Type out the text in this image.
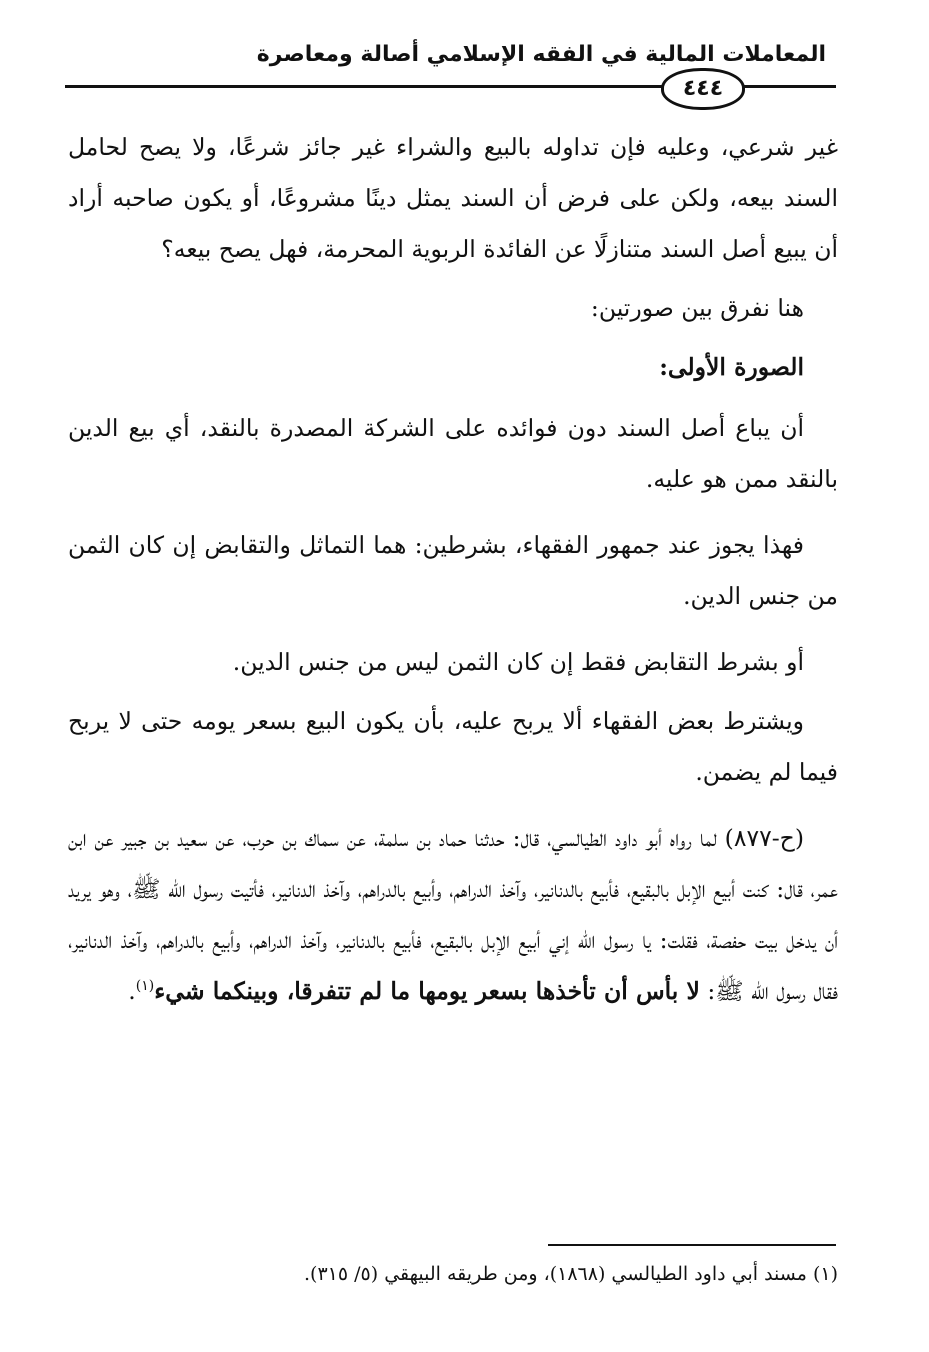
المعاملات المالية في الفقه الإسلامي أصالة ومعاصرة
٤٤٤

غير شرعي، وعليه فإن تداوله بالبيع والشراء غير جائز شرعًا، ولا يصح لحامل السند بيعه، ولكن على فرض أن السند يمثل دينًا مشروعًا، أو يكون صاحبه أراد أن يبيع أصل السند متنازلًا عن الفائدة الربوية المحرمة، فهل يصح بيعه؟

هنا نفرق بين صورتين:

الصورة الأولى:

أن يباع أصل السند دون فوائده على الشركة المصدرة بالنقد، أي بيع الدين بالنقد ممن هو عليه.

فهذا يجوز عند جمهور الفقهاء، بشرطين: هما التماثل والتقابض إن كان الثمن من جنس الدين.

أو بشرط التقابض فقط إن كان الثمن ليس من جنس الدين.

ويشترط بعض الفقهاء ألا يربح عليه، بأن يكون البيع بسعر يومه حتى لا يربح فيما لم يضمن.

(ح-٨٧٧) لما رواه أبو داود الطيالسي، قال: حدثنا حماد بن سلمة، عن سماك بن حرب، عن سعيد بن جبير عن ابن عمر، قال: كنت أبيع الإبل بالبقيع، فأبيع بالدنانير، وآخذ الدراهم، وأبيع بالدراهم، وآخذ الدنانير، فأتيت رسول الله ﷺ، وهو يريد أن يدخل بيت حفصة، فقلت: يا رسول الله إني أبيع الإبل بالبقيع، فأبيع بالدنانير، وآخذ الدراهم، وأبيع بالدراهم، وآخذ الدنانير، فقال رسول الله ﷺ: لا بأس أن تأخذها بسعر يومها ما لم تتفرقا، وبينكما شيء$^{(١)}$.

(١) مسند أبي داود الطيالسي (١٨٦٨)، ومن طريقه البيهقي (٥/ ٣١٥).
